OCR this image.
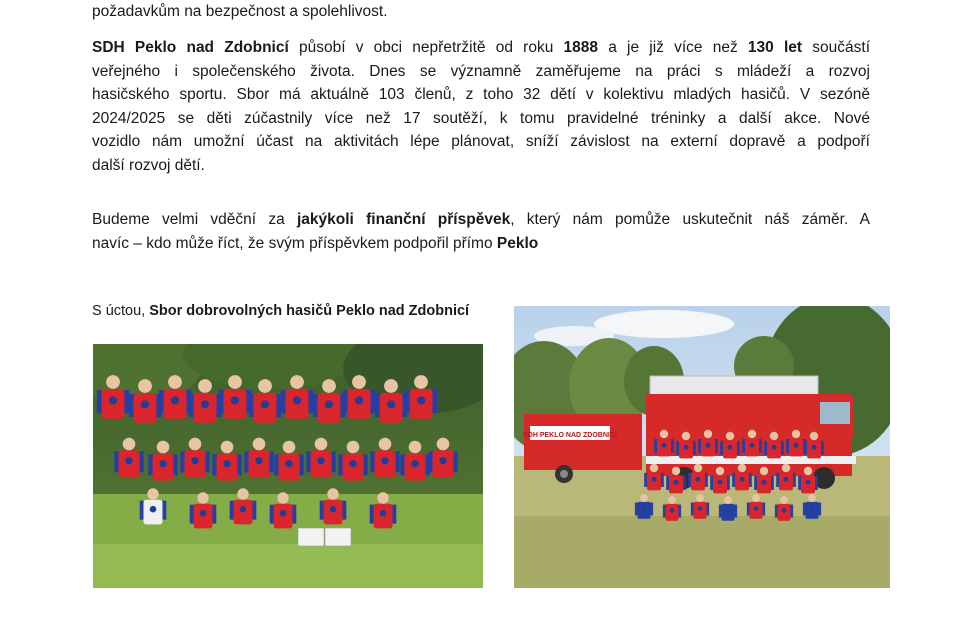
požadavkům na bezpečnost a spolehlivost.

SDH Peklo nad Zdobnicí působí v obci nepřetržitě od roku 1888 a je již více než 130 let součástí
veřejného i společenského života. Dnes se významně zaměřujeme na práci s mládeží a rozvoj
hasičského sportu. Sbor má aktuálně 103 členů, z toho 32 dětí v kolektivu mladých hasičů. V sezóně
2024/2025 se děti zúčastnily více než 17 soutěží, k tomu pravidelné tréninky a další akce. Nové
vozidlo nám umožní účast na aktivitách lépe plánovat, sníží závislost na externí dopravě a podpoří
další rozvoj dětí.

Budeme velmi vděční za jakýkoli finanční příspěvek, který nám pomůže uskutečnit náš záměr. A
navíc – kdo může říct, že svým příspěvkem podpořil přímo Peklo

S úctou, Sbor dobrovolných hasičů Peklo nad Zdobnicí

SDH PEKLO NAD ZDOBNICÍ
